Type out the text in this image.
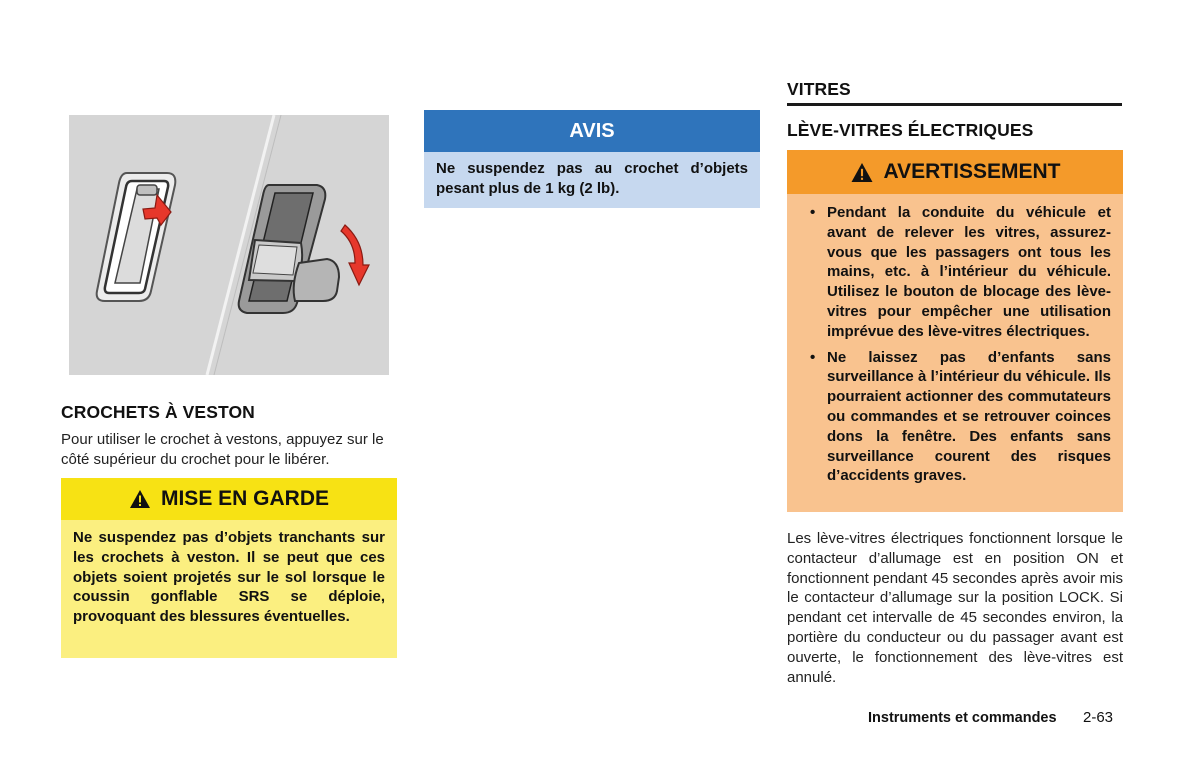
CROCHETS À VESTON
Pour utiliser le crochet à vestons, appuyez sur le côté supérieur du crochet pour le libérer.
MISE EN GARDE
Ne suspendez pas d’objets tranchants sur les crochets à veston. Il se peut que ces objets soient projetés sur le sol lorsque le coussin gonflable SRS se déploie, provoquant des blessures éventuelles.
AVIS
Ne suspendez pas au crochet d’objets pesant plus de 1 kg (2 lb).
VITRES
LÈVE-VITRES ÉLECTRIQUES
AVERTISSEMENT
• Pendant la conduite du véhicule et avant de relever les vitres, assurez-vous que les passagers ont tous les mains, etc. à l’intérieur du véhicule. Utilisez le bouton de blocage des lève-vitres pour empêcher une utilisation imprévue des lève-vitres électriques.
• Ne laissez pas d’enfants sans surveillance à l’intérieur du véhicule. Ils pourraient actionner des commutateurs ou commandes et se retrouver coinces dons la fenêtre. Des enfants sans surveillance courent des risques d’accidents graves.
Les lève-vitres électriques fonctionnent lorsque le contacteur d’allumage est en position ON et fonctionnent pendant 45 secondes après avoir mis le contacteur d’allumage sur la position LOCK. Si pendant cet intervalle de 45 secondes environ, la portière du conducteur ou du passager avant est ouverte, le fonctionnement des lève-vitres est annulé.
Instruments et commandes 2-63
